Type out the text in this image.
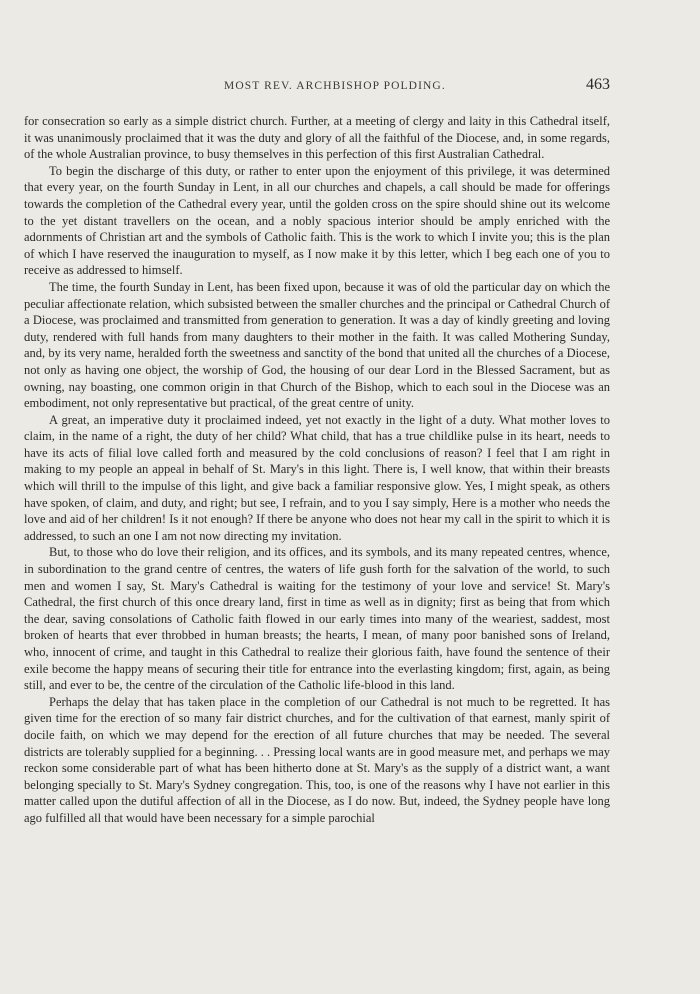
MOST REV. ARCHBISHOP POLDING.	463

for consecration so early as a simple district church. Further, at a meeting of clergy and laity in this Cathedral itself, it was unanimously proclaimed that it was the duty and glory of all the faithful of the Diocese, and, in some regards, of the whole Australian province, to busy themselves in this perfection of this first Australian Cathedral.

To begin the discharge of this duty, or rather to enter upon the enjoyment of this privilege, it was determined that every year, on the fourth Sunday in Lent, in all our churches and chapels, a call should be made for offerings towards the completion of the Cathedral every year, until the golden cross on the spire should shine out its welcome to the yet distant travellers on the ocean, and a nobly spacious interior should be amply enriched with the adornments of Christian art and the symbols of Catholic faith. This is the work to which I invite you; this is the plan of which I have reserved the inauguration to myself, as I now make it by this letter, which I beg each one of you to receive as addressed to himself.

The time, the fourth Sunday in Lent, has been fixed upon, because it was of old the particular day on which the peculiar affectionate relation, which subsisted between the smaller churches and the principal or Cathedral Church of a Diocese, was proclaimed and transmitted from generation to generation. It was a day of kindly greeting and loving duty, rendered with full hands from many daughters to their mother in the faith. It was called Mothering Sunday, and, by its very name, heralded forth the sweetness and sanctity of the bond that united all the churches of a Diocese, not only as having one object, the worship of God, the housing of our dear Lord in the Blessed Sacrament, but as owning, nay boasting, one common origin in that Church of the Bishop, which to each soul in the Diocese was an embodiment, not only representative but practical, of the great centre of unity.

A great, an imperative duty it proclaimed indeed, yet not exactly in the light of a duty. What mother loves to claim, in the name of a right, the duty of her child? What child, that has a true childlike pulse in its heart, needs to have its acts of filial love called forth and measured by the cold conclusions of reason? I feel that I am right in making to my people an appeal in behalf of St. Mary's in this light. There is, I well know, that within their breasts which will thrill to the impulse of this light, and give back a familiar responsive glow. Yes, I might speak, as others have spoken, of claim, and duty, and right; but see, I refrain, and to you I say simply, Here is a mother who needs the love and aid of her children! Is it not enough? If there be anyone who does not hear my call in the spirit to which it is addressed, to such an one I am not now directing my invitation.

But, to those who do love their religion, and its offices, and its symbols, and its many repeated centres, whence, in subordination to the grand centre of centres, the waters of life gush forth for the salvation of the world, to such men and women I say, St. Mary's Cathedral is waiting for the testimony of your love and service! St. Mary's Cathedral, the first church of this once dreary land, first in time as well as in dignity; first as being that from which the dear, saving consolations of Catholic faith flowed in our early times into many of the weariest, saddest, most broken of hearts that ever throbbed in human breasts; the hearts, I mean, of many poor banished sons of Ireland, who, innocent of crime, and taught in this Cathedral to realize their glorious faith, have found the sentence of their exile become the happy means of securing their title for entrance into the everlasting kingdom; first, again, as being still, and ever to be, the centre of the circulation of the Catholic life-blood in this land.

Perhaps the delay that has taken place in the completion of our Cathedral is not much to be regretted. It has given time for the erection of so many fair district churches, and for the cultivation of that earnest, manly spirit of docile faith, on which we may depend for the erection of all future churches that may be needed. The several districts are tolerably supplied for a beginning. . . Pressing local wants are in good measure met, and perhaps we may reckon some considerable part of what has been hitherto done at St. Mary's as the supply of a district want, a want belonging specially to St. Mary's Sydney congregation. This, too, is one of the reasons why I have not earlier in this matter called upon the dutiful affection of all in the Diocese, as I do now. But, indeed, the Sydney people have long ago fulfilled all that would have been necessary for a simple parochial
